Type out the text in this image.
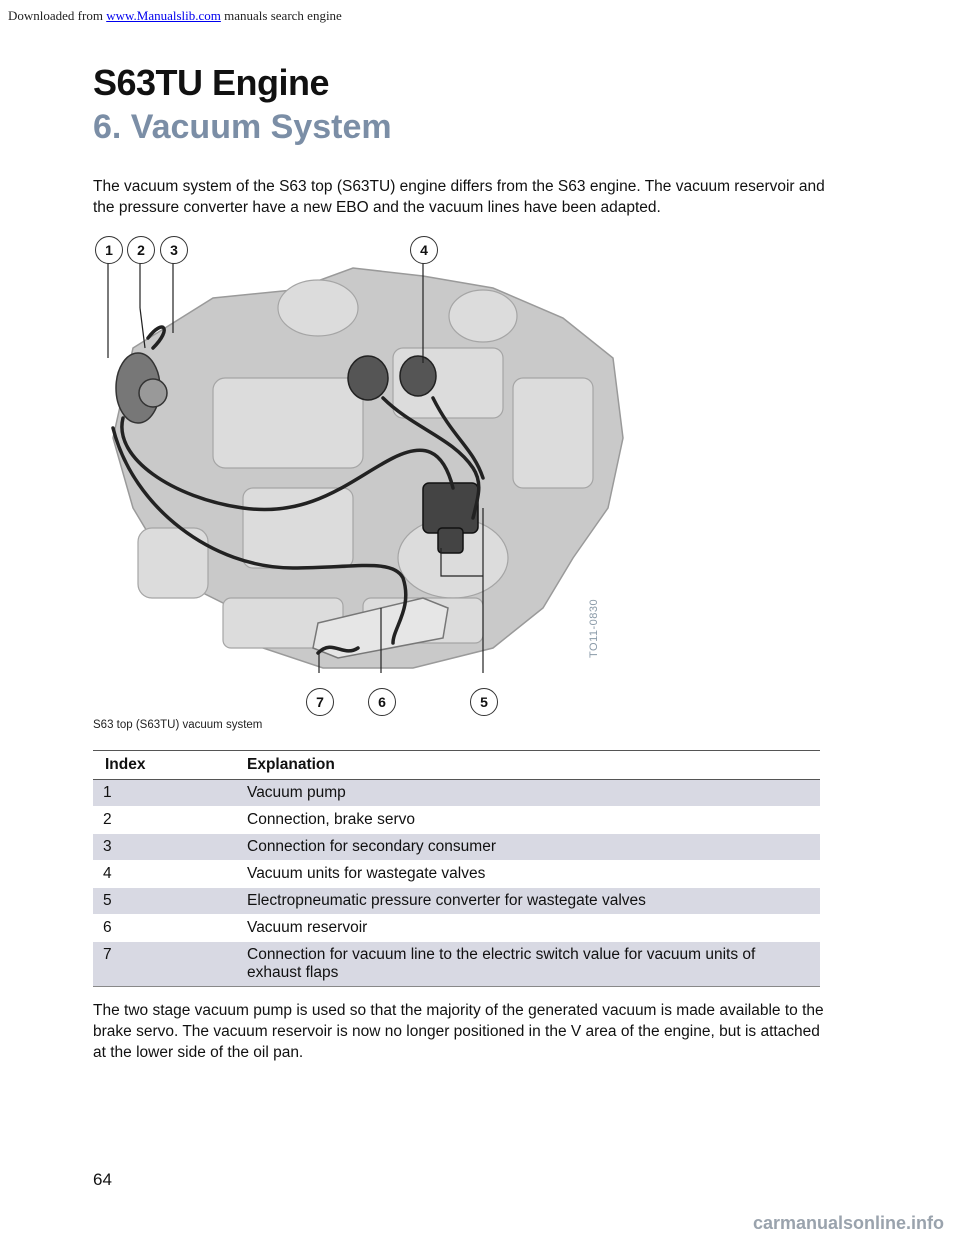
Downloaded from www.Manualslib.com manuals search engine
S63TU Engine
6. Vacuum System

The vacuum system of the S63 top (S63TU) engine differs from the S63 engine. The vacuum reservoir and the pressure converter have a new EBO and the vacuum lines have been adapted.

1	2	3	4
5
6
7
TO11-0830
S63 top (S63TU) vacuum system
Index	Explanation
1	Vacuum pump
2	Connection, brake servo
3	Connection for secondary consumer
4	Vacuum units for wastegate valves
5	Electropneumatic pressure converter for wastegate valves
6	Vacuum reservoir
7	Connection for vacuum line to the electric switch value for vacuum units of exhaust flaps

The two stage vacuum pump is used so that the majority of the generated vacuum is made available to the brake servo. The vacuum reservoir is now no longer positioned in the V area of the engine, but is attached at the lower side of the oil pan.

64
carmanualsonline.info
